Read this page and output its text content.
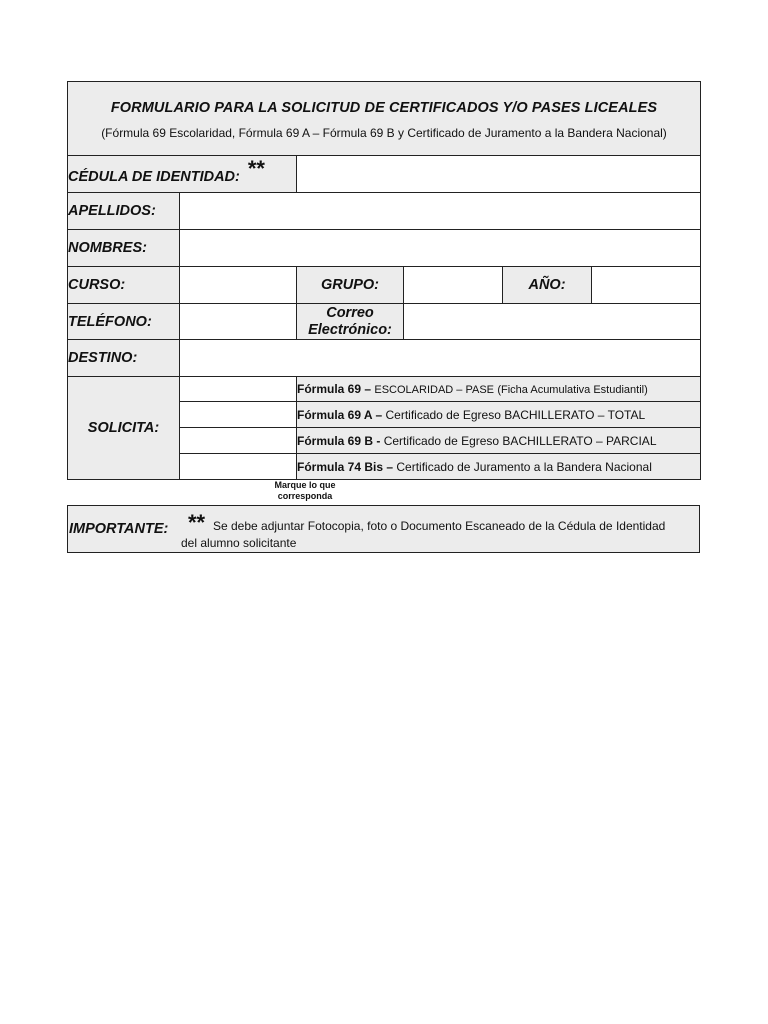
FORMULARIO PARA LA SOLICITUD DE CERTIFICADOS Y/O PASES LICEALES
(Fórmula 69 Escolaridad, Fórmula 69 A – Fórmula 69 B y Certificado de Juramento a la Bandera Nacional)					

CÉDULA DE IDENTIDAD: **					
APELLIDOS:					
NOMBRES:					
CURSO:		GRUPO:		AÑO:	
TELÉFONO:		Correo Electrónico:			
DESTINO:					
SOLICITA:		Fórmula 69 – ESCOLARIDAD – PASE (Ficha Acumulativa Estudiantil)			
		Fórmula 69 A – Certificado de Egreso BACHILLERATO – TOTAL			
		Fórmula 69 B - Certificado de Egreso BACHILLERATO – PARCIAL			
		Fórmula 74 Bis – Certificado de Juramento a la Bandera Nacional			
Marque lo que
corresponda
IMPORTANTE: ** Se debe adjuntar Fotocopia, foto o Documento Escaneado de la Cédula de Identidad
del alumno solicitante
